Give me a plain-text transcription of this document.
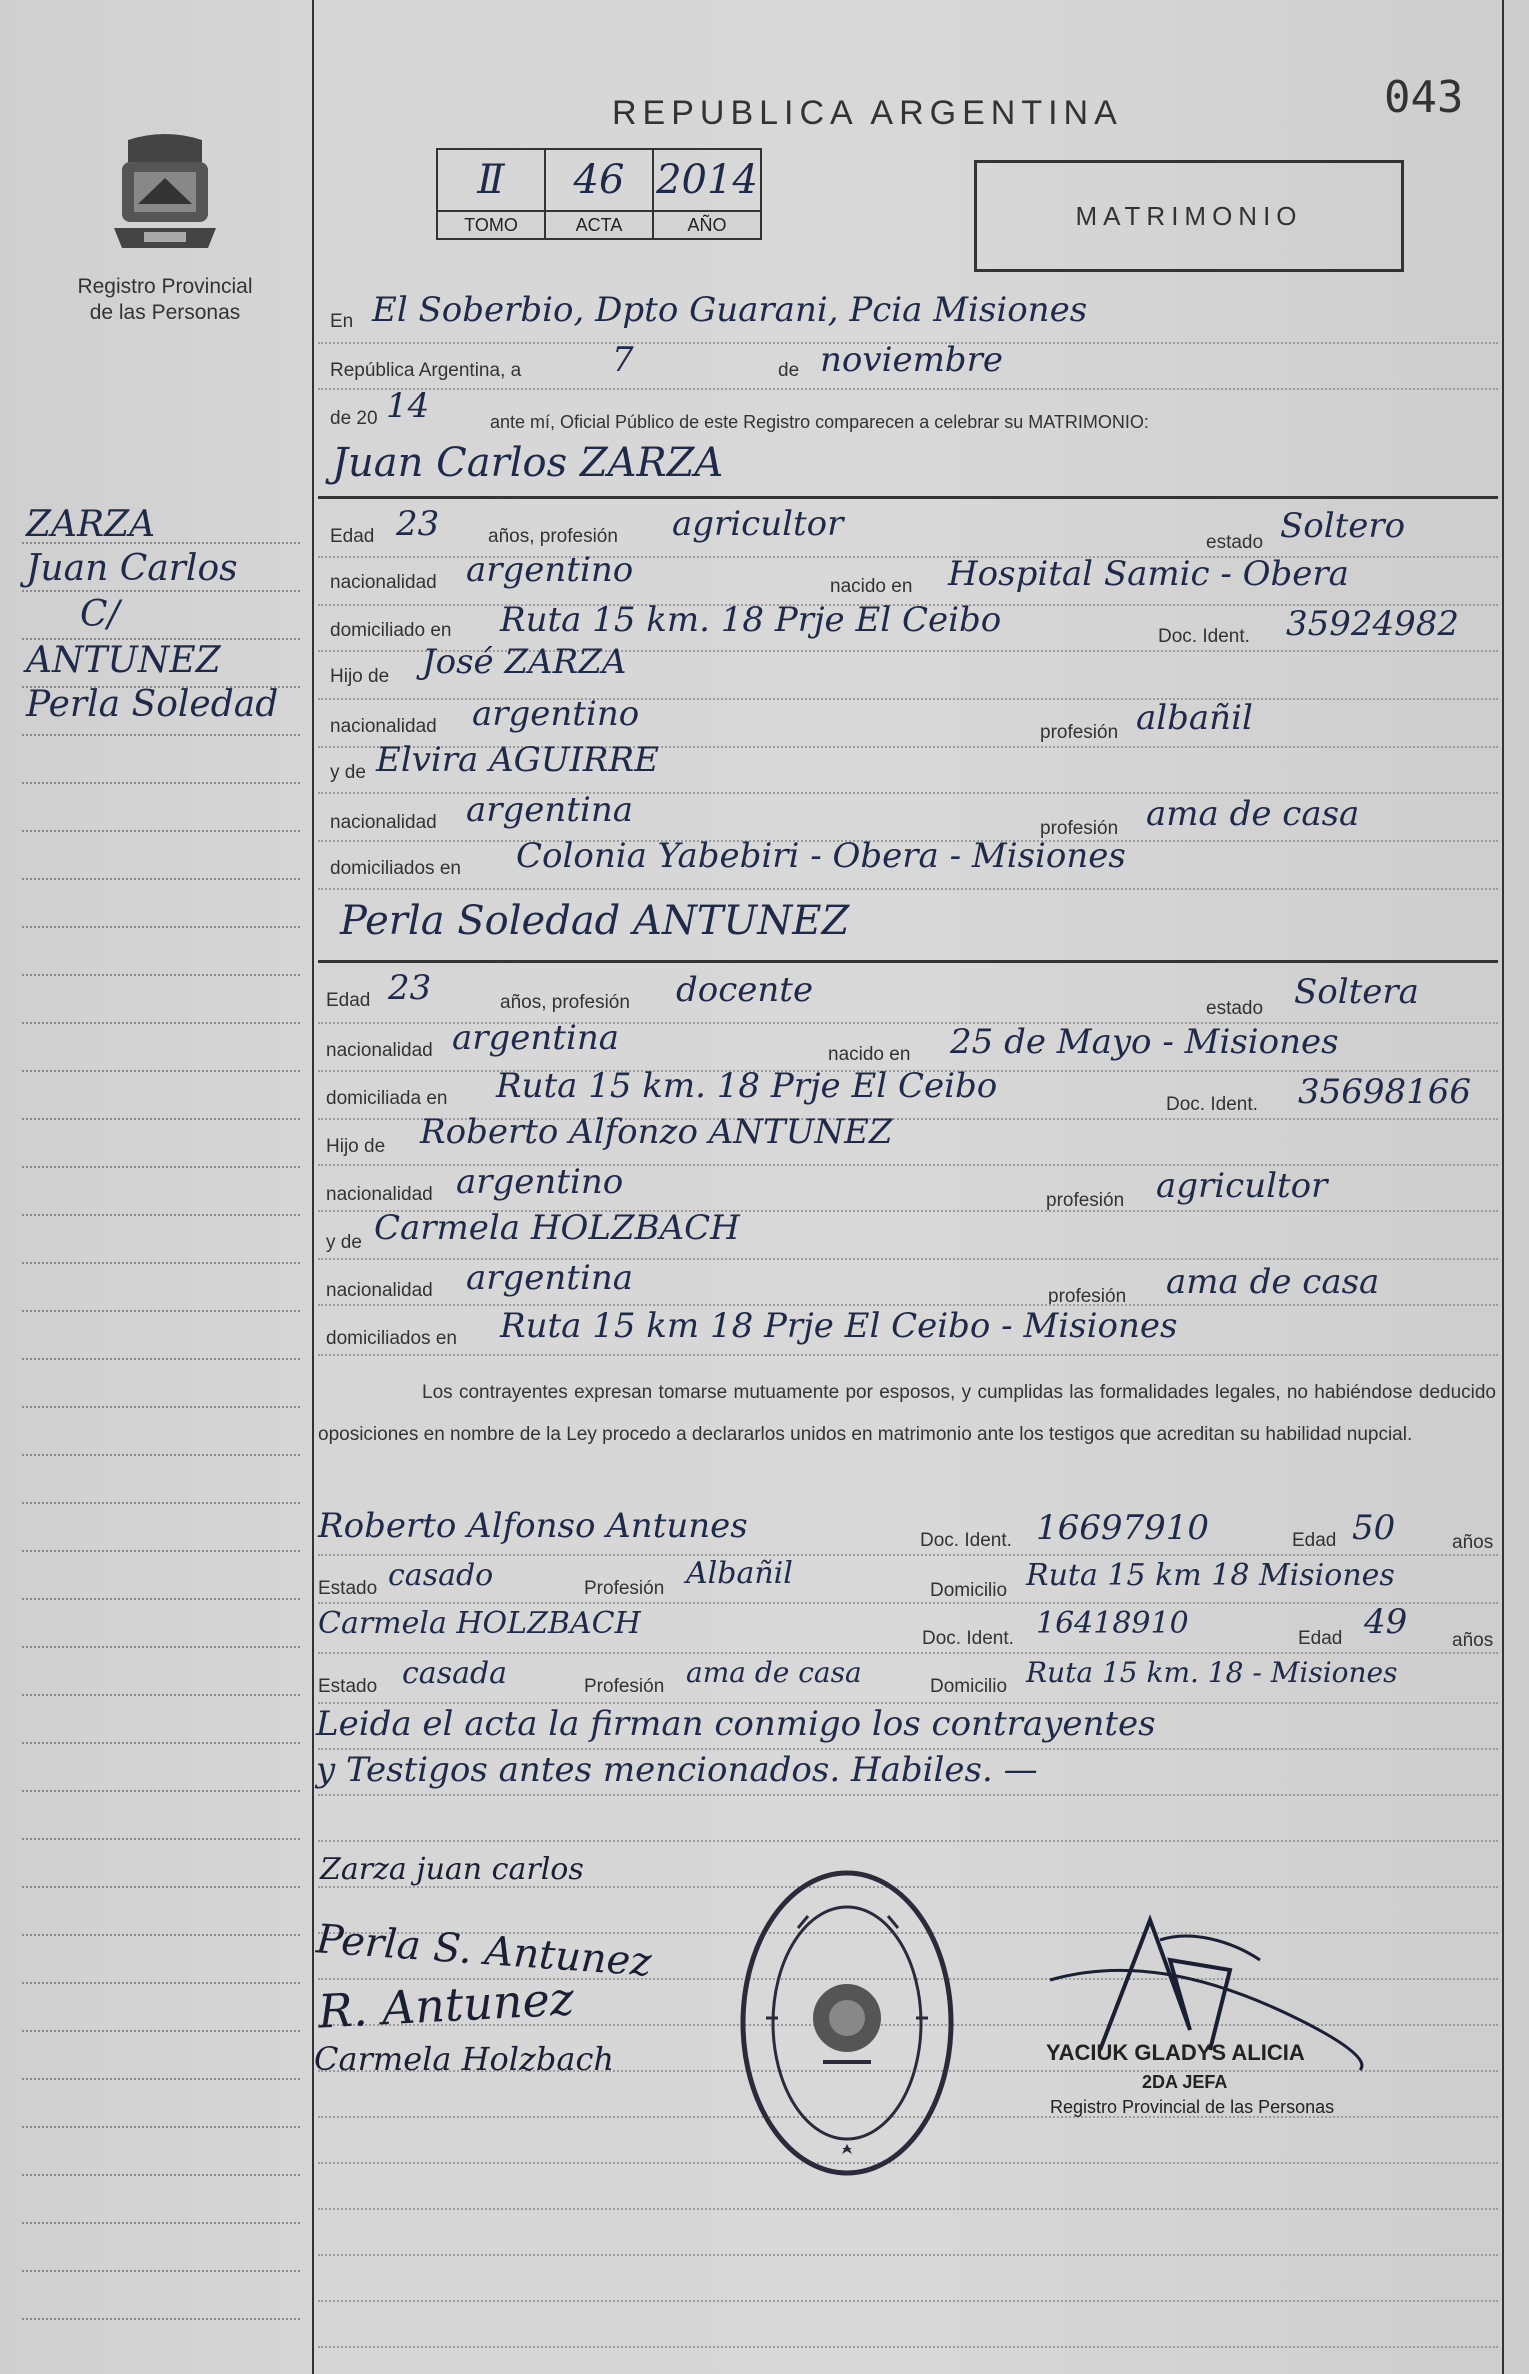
Registro Provincial
de las Personas
ZARZA
Juan Carlos
C/
ANTUNEZ
Perla Soledad
REPUBLICA ARGENTINA	043
Ⅱ	46	2014
TOMO	ACTA	AÑO	MATRIMONIO
En El Soberbio, Dpto Guarani, Pcia Misiones
República Argentina, a	7	de noviembre
de 20 14	ante mí, Oficial Público de este Registro comparecen a celebrar su MATRIMONIO:
Juan Carlos ZARZA
Edad 23	años, profesión agricultor	estado Soltero
nacionalidad argentino	nacido en Hospital Samic - Obera
domiciliado en Ruta 15 km. 18 Prje El Ceibo	Doc. Ident. 35924982
Hijo de José ZARZA
nacionalidad argentino	profesión albañil
y de Elvira AGUIRRE
nacionalidad argentina	profesión ama de casa
domiciliados en Colonia Yabebiri - Obera - Misiones
Perla Soledad ANTUNEZ
Edad 23	años, profesión docente	estado Soltera
nacionalidad argentina	nacido en 25 de Mayo - Misiones
domiciliada en Ruta 15 km. 18 Prje El Ceibo	Doc. Ident. 35698166
Hijo de Roberto Alfonzo ANTUNEZ
nacionalidad argentino	profesión agricultor
y de Carmela HOLZBACH
nacionalidad argentina	profesión ama de casa
domiciliados en Ruta 15 km 18 Prje El Ceibo - Misiones
Los contrayentes expresan tomarse mutuamente por esposos, y cumplidas las formalidades legales, no habiéndose deducido oposiciones en nombre de la Ley procedo a declararlos unidos en matrimonio ante los testigos que acreditan su habilidad nupcial.
Roberto Alfonso Antunes	Doc. Ident. 16697910	Edad 50	años
Estado casado	Profesión Albañil	Domicilio Ruta 15 km 18 Misiones
Carmela HOLZBACH	Doc. Ident. 16418910	Edad 49 años
Estado casada	Profesión ama de casa	Domicilio Ruta 15 km. 18 - Misiones
Leida el acta la firman conmigo los contrayentes
y Testigos antes mencionados. Habiles. —
Zarza juan carlos
Perla S. Antunez
R. Antunez
Carmela Holzbach	YACIUK GLADYS ALICIA
2DA JEFA
Registro Provincial de las Personas
